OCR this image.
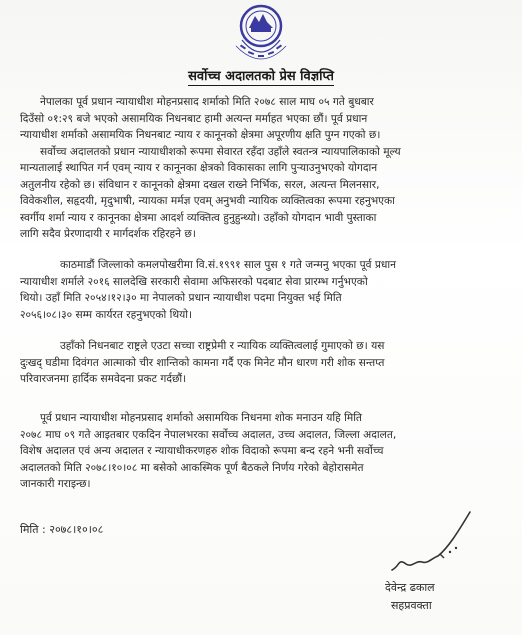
सर्वोच्च अदालतको प्रेस विज्ञप्ति
नेपालका पूर्व प्रधान न्यायाधीश मोहनप्रसाद शर्माको मिति २०७८ साल माघ ०५ गते बुधबार
दिउँसो ०१:२९ बजे भएको असामयिक निधनबाट हामी अत्यन्त मर्माहत भएका छौं। पूर्व प्रधान
न्यायाधीश शर्माको असामयिक निधनबाट न्याय र कानूनको क्षेत्रमा अपूरणीय क्षति पुग्न गएको छ।
सर्वोच्च अदालतको प्रधान न्यायाधीशको रूपमा सेवारत रहँदा उहाँले स्वतन्त्र न्यायपालिकाको मूल्य
मान्यतालाई स्थापित गर्न एवम् न्याय र कानूनका क्षेत्रको विकासका लागि पुऱ्याउनुभएको योगदान
अतुलनीय रहेको छ। संविधान र कानूनको क्षेत्रमा दखल राख्ने निर्भिक, सरल, अत्यन्त मिलनसार,
विवेकशील, सहृदयी, मृदुभाषी, न्यायका मर्मज्ञ एवम् अनुभवी न्यायिक व्यक्तित्वका रूपमा रहनुभएका
स्वर्गीय शर्मा न्याय र कानूनका क्षेत्रमा आदर्श व्यक्तित्व हुनुहुन्थ्यो। उहाँको योगदान भावी पुस्ताका
लागि सदैव प्रेरणादायी र मार्गदर्शक रहिरहने छ।
काठमाडौं जिल्लाको कमलपोखरीमा वि.सं.१९९१ साल पुस १ गते जन्मनु भएका पूर्व प्रधान
न्यायाधीश शर्माले २०१६ सालदेखि सरकारी सेवामा अफिसरको पदबाट सेवा प्रारम्भ गर्नुभएको
थियो। उहाँ मिति २०५४।१२।३० मा नेपालको प्रधान न्यायाधीश पदमा नियुक्त भई मिति
२०५६।०८।३० सम्म कार्यरत रहनुभएको थियो।
उहाँको निधनबाट राष्ट्रले एउटा सच्चा राष्ट्रप्रेमी र न्यायिक व्यक्तित्वलाई गुमाएको छ। यस
दुःखद् घडीमा दिवंगत आत्माको चीर शान्तिको कामना गर्दै एक मिनेट मौन धारण गरी शोक सन्तप्त
परिवारजनमा हार्दिक समवेदना प्रकट गर्दछौं।
पूर्व प्रधान न्यायाधीश मोहनप्रसाद शर्माको असामयिक निधनमा शोक मनाउन यहि मिति
२०७८ माघ ०९ गते आइतबार एकदिन नेपालभरका सर्वोच्च अदालत, उच्च अदालत, जिल्ला अदालत,
विशेष अदालत एवं अन्य अदालत र न्यायाधीकरणहरु शोक विदाको रूपमा बन्द रहने भनी सर्वोच्च
अदालतको मिति २०७८।१०।०८ मा बसेको आकस्मिक पूर्ण बैठकले निर्णय गरेको बेहोरासमेत
जानकारी गराइन्छ।
मिति : २०७८।१०।०८
देवेन्द्र ढकाल
सहप्रवक्ता
